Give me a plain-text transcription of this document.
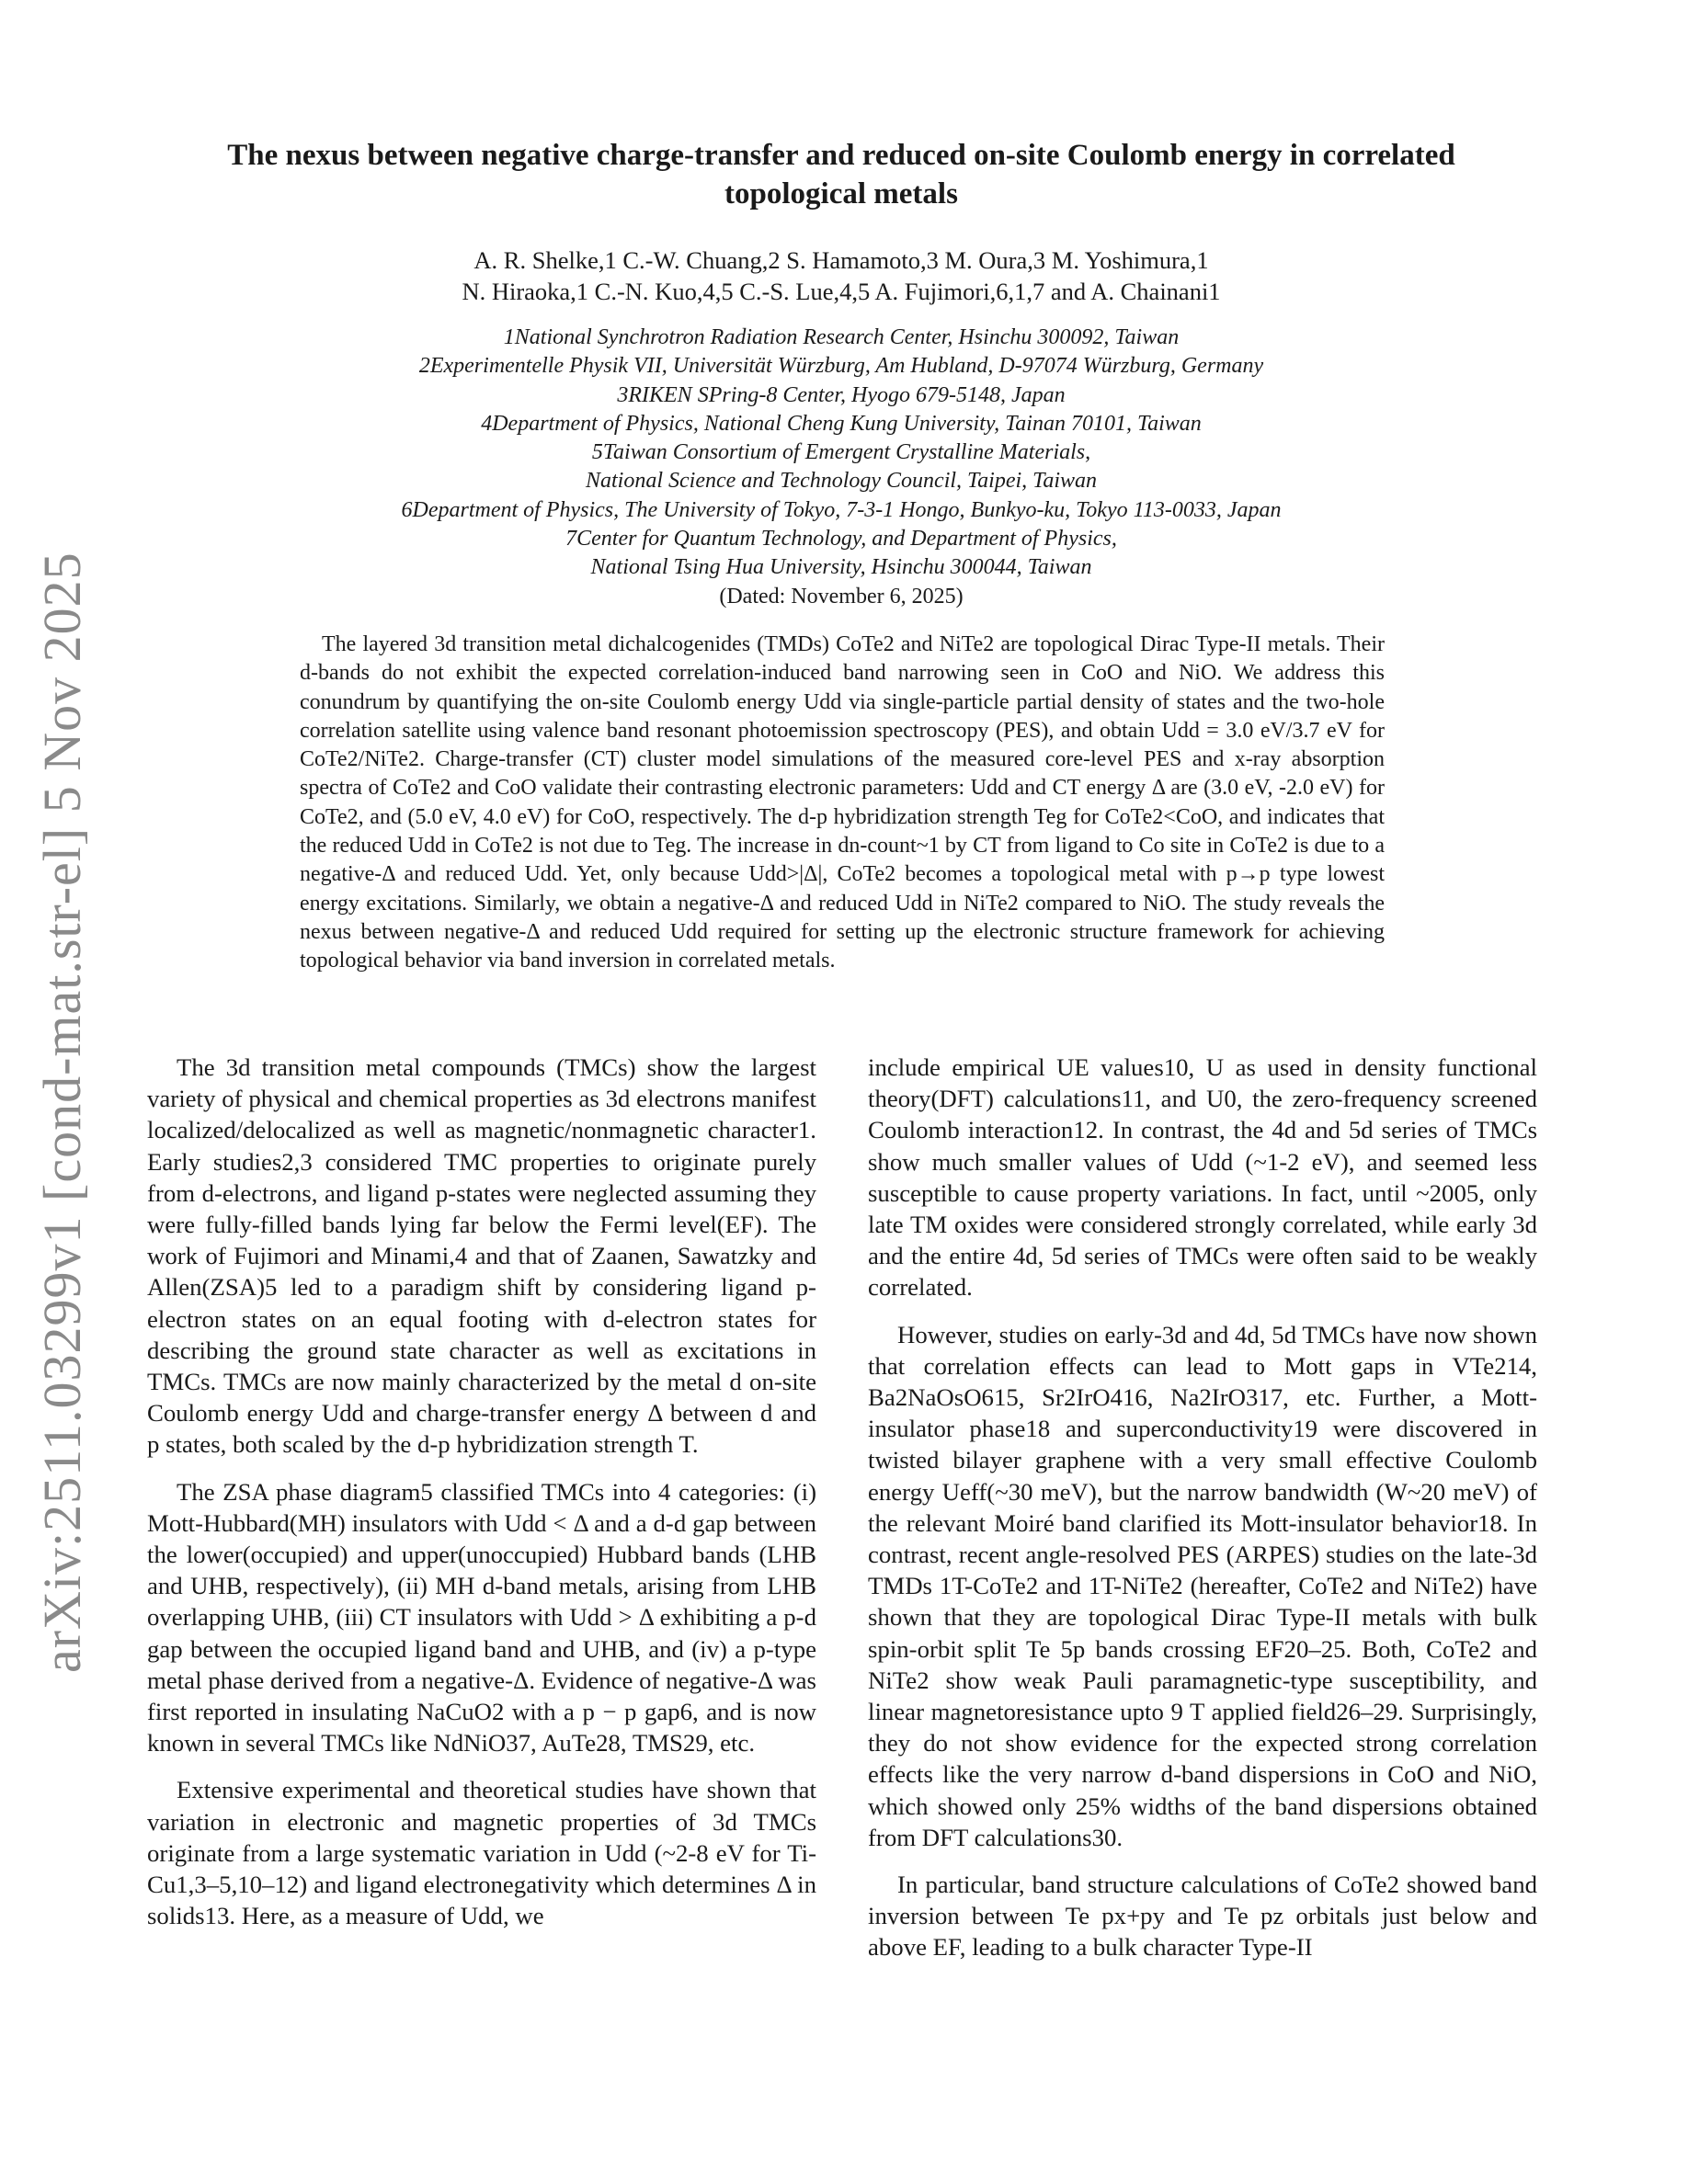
arXiv:2511.03299v1 [cond-mat.str-el] 5 Nov 2025
The nexus between negative charge-transfer and reduced on-site Coulomb energy in correlated topological metals
A. R. Shelke,1 C.-W. Chuang,2 S. Hamamoto,3 M. Oura,3 M. Yoshimura,1
N. Hiraoka,1 C.-N. Kuo,4,5 C.-S. Lue,4,5 A. Fujimori,6,1,7 and A. Chainani1
1National Synchrotron Radiation Research Center, Hsinchu 300092, Taiwan
2Experimentelle Physik VII, Universität Würzburg, Am Hubland, D-97074 Würzburg, Germany
3RIKEN SPring-8 Center, Hyogo 679-5148, Japan
4Department of Physics, National Cheng Kung University, Tainan 70101, Taiwan
5Taiwan Consortium of Emergent Crystalline Materials,
National Science and Technology Council, Taipei, Taiwan
6Department of Physics, The University of Tokyo, 7-3-1 Hongo, Bunkyo-ku, Tokyo 113-0033, Japan
7Center for Quantum Technology, and Department of Physics,
National Tsing Hua University, Hsinchu 300044, Taiwan
(Dated: November 6, 2025)

The layered 3d transition metal dichalcogenides (TMDs) CoTe2 and NiTe2 are topological Dirac Type-II metals. Their d-bands do not exhibit the expected correlation-induced band narrowing seen in CoO and NiO. We address this conundrum by quantifying the on-site Coulomb energy Udd via single-particle partial density of states and the two-hole correlation satellite using valence band resonant photoemission spectroscopy (PES), and obtain Udd = 3.0 eV/3.7 eV for CoTe2/NiTe2. Charge-transfer (CT) cluster model simulations of the measured core-level PES and x-ray absorption spectra of CoTe2 and CoO validate their contrasting electronic parameters: Udd and CT energy Δ are (3.0 eV, -2.0 eV) for CoTe2, and (5.0 eV, 4.0 eV) for CoO, respectively. The d-p hybridization strength Teg for CoTe2<CoO, and indicates that the reduced Udd in CoTe2 is not due to Teg. The increase in dn-count~1 by CT from ligand to Co site in CoTe2 is due to a negative-Δ and reduced Udd. Yet, only because Udd>|Δ|, CoTe2 becomes a topological metal with p→p type lowest energy excitations. Similarly, we obtain a negative-Δ and reduced Udd in NiTe2 compared to NiO. The study reveals the nexus between negative-Δ and reduced Udd required for setting up the electronic structure framework for achieving topological behavior via band inversion in correlated metals.

The 3d transition metal compounds (TMCs) show the largest variety of physical and chemical properties as 3d electrons manifest localized/delocalized as well as magnetic/nonmagnetic character1. Early studies2,3 considered TMC properties to originate purely from d-electrons, and ligand p-states were neglected assuming they were fully-filled bands lying far below the Fermi level(EF). The work of Fujimori and Minami,4 and that of Zaanen, Sawatzky and Allen(ZSA)5 led to a paradigm shift by considering ligand p-electron states on an equal footing with d-electron states for describing the ground state character as well as excitations in TMCs. TMCs are now mainly characterized by the metal d on-site Coulomb energy Udd and charge-transfer energy Δ between d and p states, both scaled by the d-p hybridization strength T.

The ZSA phase diagram5 classified TMCs into 4 categories: (i) Mott-Hubbard(MH) insulators with Udd < Δ and a d-d gap between the lower(occupied) and upper(unoccupied) Hubbard bands (LHB and UHB, respectively), (ii) MH d-band metals, arising from LHB overlapping UHB, (iii) CT insulators with Udd > Δ exhibiting a p-d gap between the occupied ligand band and UHB, and (iv) a p-type metal phase derived from a negative-Δ. Evidence of negative-Δ was first reported in insulating NaCuO2 with a p − p gap6, and is now known in several TMCs like NdNiO37, AuTe28, TMS29, etc.

Extensive experimental and theoretical studies have shown that variation in electronic and magnetic properties of 3d TMCs originate from a large systematic variation in Udd (~2-8 eV for Ti-Cu1,3–5,10–12) and ligand electronegativity which determines Δ in solids13. Here, as a measure of Udd, we

include empirical UE values10, U as used in density functional theory(DFT) calculations11, and U0, the zero-frequency screened Coulomb interaction12. In contrast, the 4d and 5d series of TMCs show much smaller values of Udd (~1-2 eV), and seemed less susceptible to cause property variations. In fact, until ~2005, only late TM oxides were considered strongly correlated, while early 3d and the entire 4d, 5d series of TMCs were often said to be weakly correlated.

However, studies on early-3d and 4d, 5d TMCs have now shown that correlation effects can lead to Mott gaps in VTe214, Ba2NaOsO615, Sr2IrO416, Na2IrO317, etc. Further, a Mott-insulator phase18 and superconductivity19 were discovered in twisted bilayer graphene with a very small effective Coulomb energy Ueff(~30 meV), but the narrow bandwidth (W~20 meV) of the relevant Moiré band clarified its Mott-insulator behavior18. In contrast, recent angle-resolved PES (ARPES) studies on the late-3d TMDs 1T-CoTe2 and 1T-NiTe2 (hereafter, CoTe2 and NiTe2) have shown that they are topological Dirac Type-II metals with bulk spin-orbit split Te 5p bands crossing EF20–25. Both, CoTe2 and NiTe2 show weak Pauli paramagnetic-type susceptibility, and linear magnetoresistance upto 9 T applied field26–29. Surprisingly, they do not show evidence for the expected strong correlation effects like the very narrow d-band dispersions in CoO and NiO, which showed only 25% widths of the band dispersions obtained from DFT calculations30.

In particular, band structure calculations of CoTe2 showed band inversion between Te px+py and Te pz orbitals just below and above EF, leading to a bulk character Type-II
